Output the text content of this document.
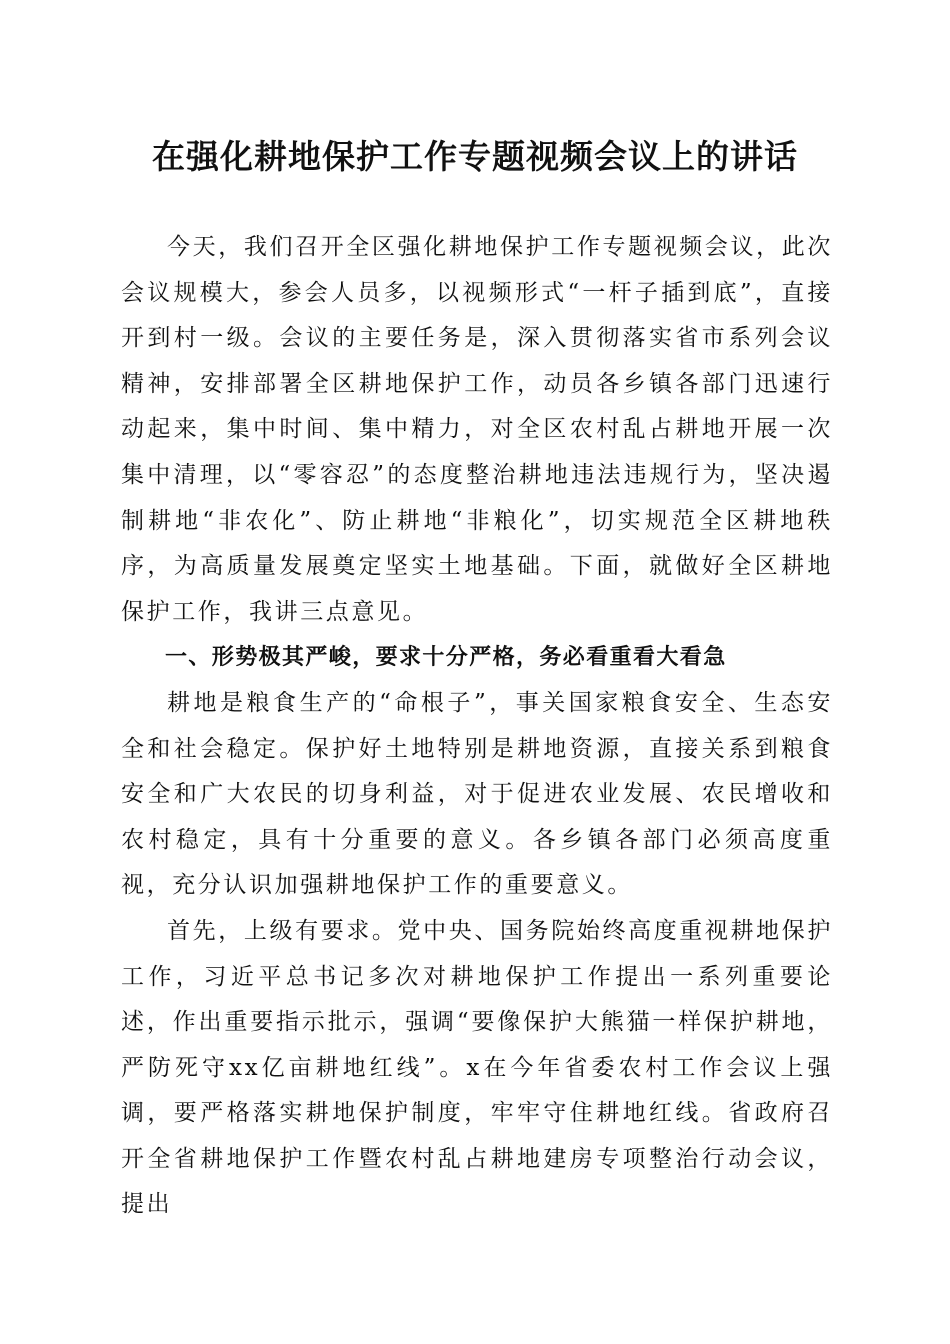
在强化耕地保护工作专题视频会议上的讲话

今天，我们召开全区强化耕地保护工作专题视频会议，此次会议规模大，参会人员多，以视频形式“一杆子插到底”，直接开到村一级。会议的主要任务是，深入贯彻落实省市系列会议精神，安排部署全区耕地保护工作，动员各乡镇各部门迅速行动起来，集中时间、集中精力，对全区农村乱占耕地开展一次集中清理，以“零容忍”的态度整治耕地违法违规行为，坚决遏制耕地“非农化”、防止耕地“非粮化”，切实规范全区耕地秩序，为高质量发展奠定坚实土地基础。下面，就做好全区耕地保护工作，我讲三点意见。

一、形势极其严峻，要求十分严格，务必看重看大看急

耕地是粮食生产的“命根子”，事关国家粮食安全、生态安全和社会稳定。保护好土地特别是耕地资源，直接关系到粮食安全和广大农民的切身利益，对于促进农业发展、农民增收和农村稳定，具有十分重要的意义。各乡镇各部门必须高度重视，充分认识加强耕地保护工作的重要意义。

首先，上级有要求。党中央、国务院始终高度重视耕地保护工作，习近平总书记多次对耕地保护工作提出一系列重要论述，作出重要指示批示，强调“要像保护大熊猫一样保护耕地，严防死守xx亿亩耕地红线”。x在今年省委农村工作会议上强调，要严格落实耕地保护制度，牢牢守住耕地红线。省政府召开全省耕地保护工作暨农村乱占耕地建房专项整治行动会议，提出
